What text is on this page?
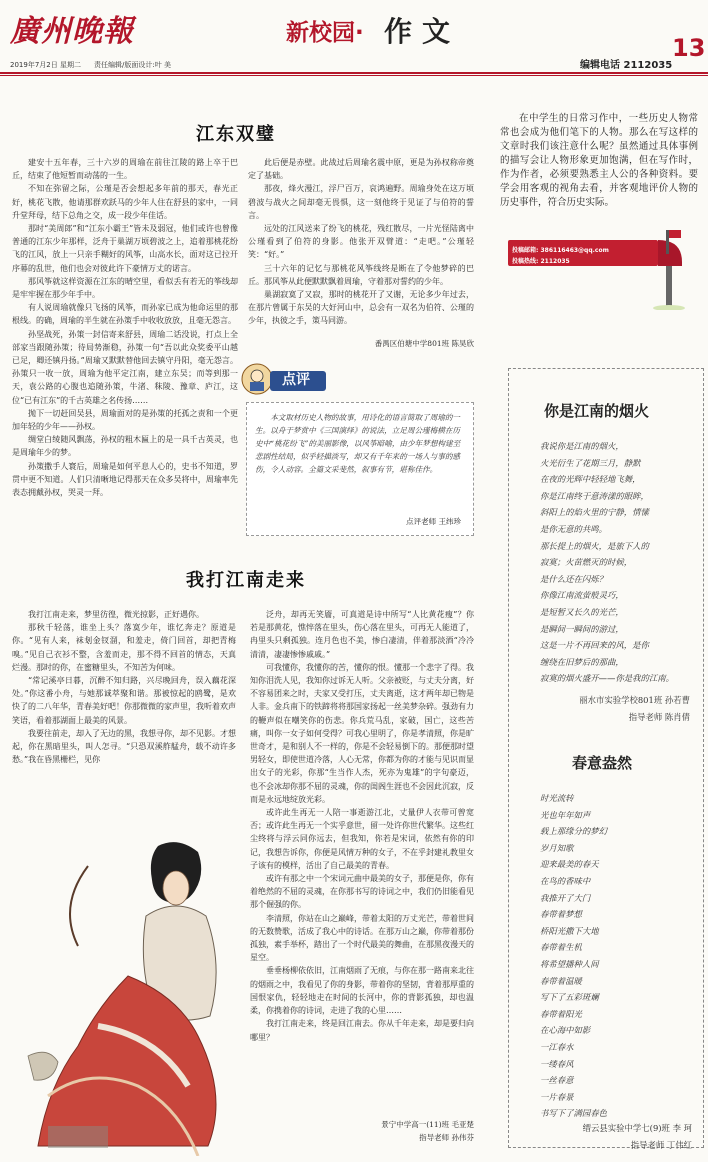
廣州晚報	新校园· 作文	13
2019年7月2日 星期二 责任编辑/版面设计:叶 美	编辑电话 2112035
江东双璧

建安十五年春，三十六岁的周瑜在前往江陵的路上卒于巴丘，结束了他短暂而动荡的一生。

不知在弥留之际，公瑾是否会想起多年前的那天，春光正好，桃花飞散，他请那群欢跃马的少年人住在舒县的家中，一同升堂拜母，结下总角之交，成一段少年佳话。

那时“美周郎”和“江东小霸王”皆未及弱冠，他们或许也曾像普通的江东少年那样，泛舟于巢湖万顷碧波之上，追着那桃花纷飞的江风，放上一只亲手糊好的风筝，山高水长，面对这已拉开序幕的乱世，他们也会对彼此许下豪情万丈的诺言。

那风筝就这样资源在江东的晴空里，看似丢有若无的筝线却是牢牢握在那少年手中。

有人说周瑜就像只飞扬的风筝，而孙家已成为他命运里的那根线。的确，周瑜的半生就在孙策手中收收放放，且毫无怨言。

孙坚战死，孙策一封信寄来舒县，周瑜二话没说，打点上全部家当跟随孙策；待局势渐稳，孙策一句“吾以此众奖委平山越已足，卿还镇丹扬。”周瑜又默默替他回去镇守丹阳，毫无怨言。孙策只一收一放，周瑜为他平定江南，建立东吴；而等到那一天，袁公路的心腹也追随孙策，牛渚、秣陵、豫章、庐江，这位“已有江东”的千古英雄之名传扬……

抛下一切赶回吴县，周瑜面对的是孙策的托孤之责和一个更加年轻的少年——孙权。

绸堂白绫随风飘荡，孙权的粗木匾上的是一具千古英灵，也是周瑜年少的梦。

孙策撒手人寰后，周瑜是如何平息人心的，史书不知道，罗贯中更不知道。人们只清晰地记得那天在众多吴将中，周瑜率先表态拥戴孙权，哭灵一拜。

此后便是赤壁。此战过后周瑜名震中原，更是为孙权称帝奠定了基础。

那夜，烽火漫江，浮尸百万，哀鸿遍野。周瑜身处在这万顷碧波与战火之间却毫无畏惧，这一刻他终于见证了与伯符的誓言。

远处的江风送来了纷飞的桃花，残红散尽，一片光怪陆离中公瑾看到了伯符的身影。他张开双臂道：“走吧。”公瑾轻笑：“好。”

三十六年的记忆与那桃花风筝线终是断在了令他梦碎的巴丘。那风筝从此便默默飘着周瑜，守着那对誓约的少年。

巢湖寂寞了又寂，那时的桃花开了又谢，无论多少年过去，在那片曾属于东吴的大好河山中，总会有一双名为伯符、公瑾的少年，执彼之手，策马同游。

番禺区伯塘中学801班 陈昊欣

点评

本文取材历史人物的故事，用诗化的语言简取了周瑜的一生。以舟于梦赏中《三国演绎》的说法，立足周公瑾梅横在历史中“桃花纷飞”的美丽影像，以风筝暗喻，由少年梦想构建至悲剧性结局，似乎轻描淡写，却又有千年来的一场人与事的感伤，令人动容。全篇文采斐然，叙事有节，堪称佳作。

点评老师 王纬珍

在中学生的日常习作中，一些历史人物常常也会成为他们笔下的人物。那么在写这样的文章时我们该注意什么呢？虽然通过具体事例的描写会让人物形象更加饱满，但在写作时，作为作者，必须要熟悉主人公的各种资料。要学会用客观的视角去看，并客观地评价人物的历史事件，符合历史实际。

投稿邮箱: 386116463@qq.com
投稿热线: 2112035
我打江南走来

我打江南走来，梦里彷徨，微光掠影，正好遇你。

那秋千轻荡，谁坐上头？落寞少年，谁忆奔走？原道是你。“见有人来，袜刬金钗溜，和羞走，倚门回首，却把青梅嗅。”见自己衣衫不整，含羞而走，那不得不回首的情态，天真烂漫。那时的你，在蜜糖里头，不知苦为何味。

“常记溪亭日暮，沉醉不知归路，兴尽晚回舟，误入藕花深处。”你这番小舟，与她那诚萃聚和谐。那被惊起的鸥鹭，是欢快了的二八年华，青春美好吧！你那微微的家声里，我听着欢声笑语，看着那湖面上最美的风景。

我要往前走，却入了无边的黑，我想寻你，却不见影。才想起，你在黑暗里头，叫人怎寻。“只恐双溪舴艋舟，载不动许多愁。”我在昏黑栅栏，见你

泛舟，却再无笑靥，可真道是诗中所写“人比黄花瘦”？你若是那黄花，憔悴落在里头，伤心落在里头，可再无人能道了，冉里头只剩孤独。连月色也不美，惨白凄清，伴着那淡酒“冷冷清清，凄凄惨惨戚戚。”

可我懂你，我懂你的苦，懂你的恨。懂那一个悲字了得。我知你泪洗人见，我知你过诉无人听。父亲被贬，与丈夫分离，好不容易团来之时，夫家又受打压，丈夫离逝，这才两年却已物是人非。金兵南下的铁蹄将将那国家扬起一丝美梦杂碎。强劲有力的鞭声似在嘲笑你的伤悲。你兵荒马乱，家破，国亡，这些苦痛，叫你一女子如何受得？可我心里明了，你是孝清照，你是旷世奇才，是和别人不一样的，你是不会轻易倒下的。那便那时望男轻女，即使世道冷落，人心无常，你都为你的才能与见识而显出女子的光彩，你那“生当作人杰，死亦为鬼雄”的字句豪迈，也不会冰却你那不屈的灵魂，你的闺阁生涯也不会因此沉寂，反而是永远地绽放光彩。

或许此生再无一人陪一事逝游江北，丈量伊人衣带可曾宽否；或许此生再无一个实乎意世，留一处许你世代繁华。这些红尘终将与浮云同你远去，但我知，你若是宋词，依然有你的印记，我想告诉你，你便是风情万种的女子，不在乎封建礼教里女子该有的模样，活出了自己最美的青春。

或许有那之中一个宋词元曲中最美的女子，那便是你，你有着绝然的不屈的灵魂，在你那书写的诗词之中，我们仍旧能看见那个倔强的你。

李清照，你站在山之巅峰，带着太阳的万丈光芒，带着世间的无数赞歌，活成了我心中的诗话。在那万山之巅，你带着那份孤独，素手举杯，踏出了一个时代最美的舞曲，在那黑夜漫天的星空。

垂垂杨柳依依旧，江南烟雨了无痕，与你在那一路南来北往的烟雨之中，我看见了你的身影，带着你的坚韧，背着那厚重的国恨家仇，轻轻地走在时间的长河中，你的背影孤独，却也温柔，你携着你的诗词，走进了我的心里……

我打江南走来，终是回江南去。你从千年走来，却是要归向哪里？

景宁中学高一(11)班 毛亚楚

指导老师 孙伟芬

你是江南的烟火
我说你是江南的烟火，
火光衍生了花期三月，静默
在夜的光辉中轻轻地飞舞，
你是江南终于意涛漾的眼眸，
斜阳上的焰火里的宁静，情愫
是你无意的共鸣。
那长提上的烟火，是旅下人的
寂寞；火苗燃灭的时候，
是什么还在闪烁？
你像江南流萤般灵巧，
是短暂又长久的光芒，
是瞬间一瞬间的游过，
这是一片不再回来的风，是你
缠绕在旧梦后的那曲，
寂寞的烟火盛开——你是我的江南。
丽水市实验学校801班 孙若曹
指导老师 陈肖倩
春意盎然
时光流转
光也年年如声
载上那缘分的梦幻
岁月知歌
迎来最美的春天
在鸟的香味中
我推开了大门
春带着梦想
桥阳光撒下大地
春带着生机
将希望播种人间
春带着温暖
写下了五彩斑斓
春带着阳光
在心海中如影
一江春水
一缕春风
一丝春意
一片春景
书写下了满园春色
缙云县实验中学七(9)班 李 珂
指导老师 丁伟红
